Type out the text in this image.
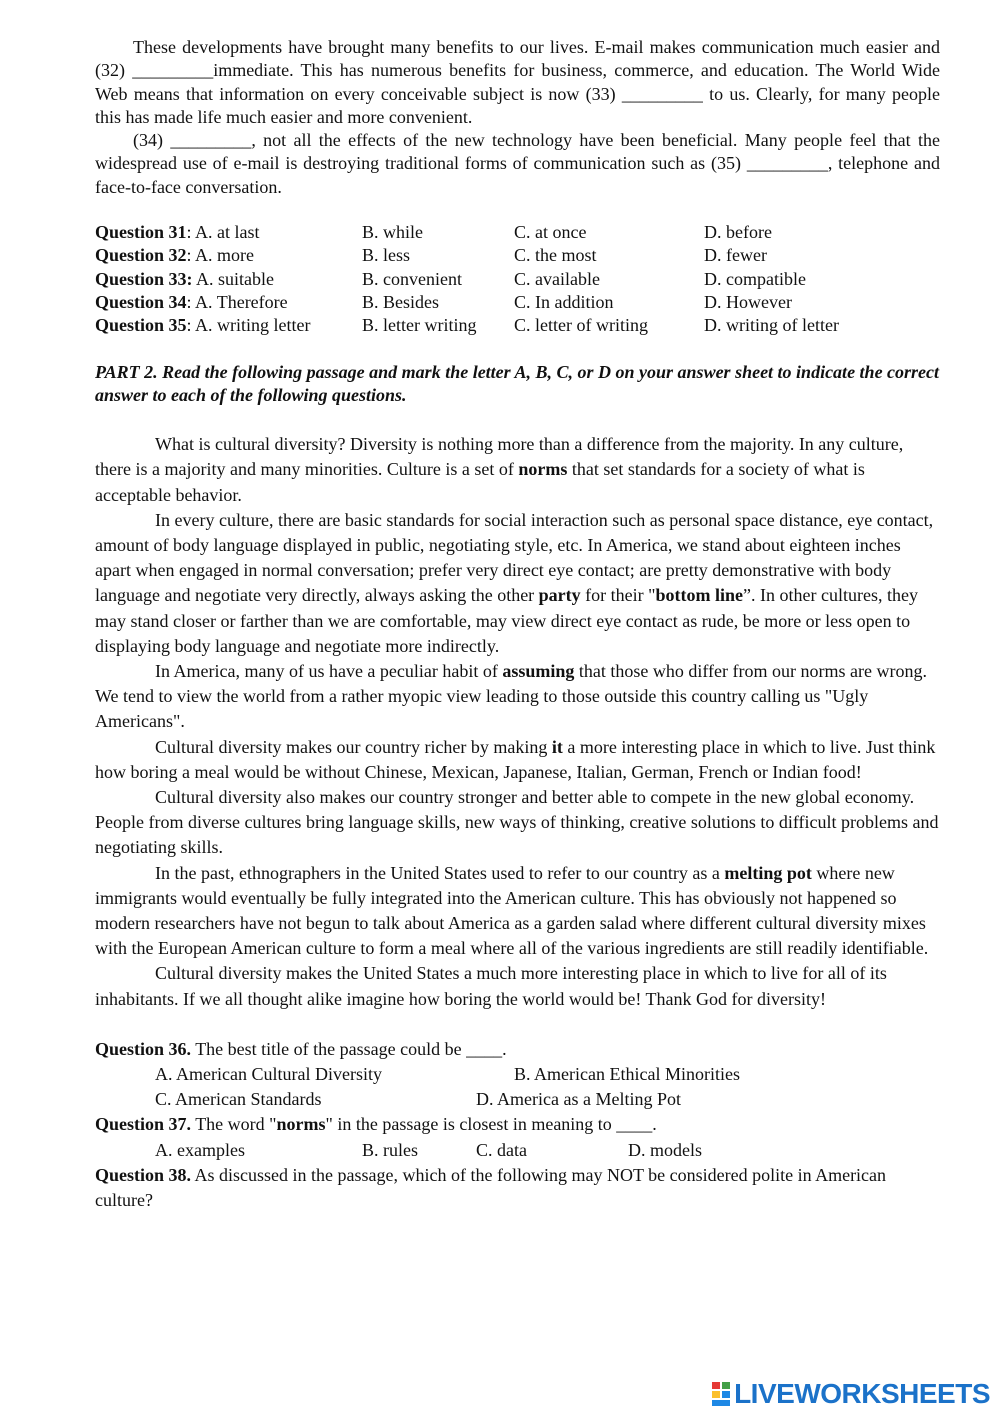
These developments have brought many benefits to our lives. E-mail makes communication much easier and (32) _________immediate. This has numerous benefits for business, commerce, and education. The World Wide Web means that information on every conceivable subject is now (33) _________ to us. Clearly, for many people this has made life much easier and more convenient.

(34) _________, not all the effects of the new technology have been beneficial. Many people feel that the widespread use of e-mail is destroying traditional forms of communication such as (35) _________, telephone and face-to-face conversation.

Question 31: A. at last	B. while	C. at once	D. before
Question 32: A. more	B. less	C. the most	D. fewer
Question 33: A. suitable	B. convenient	C. available	D. compatible
Question 34: A. Therefore	B. Besides	C. In addition	D. However
Question 35: A. writing letter	B. letter writing	C. letter of writing	D. writing of letter

PART 2. Read the following passage and mark the letter A, B, C, or D on your answer sheet to indicate the correct answer to each of the following questions.

What is cultural diversity? Diversity is nothing more than a difference from the majority. In any culture, there is a majority and many minorities. Culture is a set of norms that set standards for a society of what is acceptable behavior.

In every culture, there are basic standards for social interaction such as personal space distance, eye contact, amount of body language displayed in public, negotiating style, etc. In America, we stand about eighteen inches apart when engaged in normal conversation; prefer very direct eye contact; are pretty demonstrative with body language and negotiate very directly, always asking the other party for their "bottom line”. In other cultures, they may stand closer or farther than we are comfortable, may view direct eye contact as rude, be more or less open to displaying body language and negotiate more indirectly.

In America, many of us have a peculiar habit of assuming that those who differ from our norms are wrong. We tend to view the world from a rather myopic view leading to those outside this country calling us "Ugly Americans".

Cultural diversity makes our country richer by making it a more interesting place in which to live. Just think how boring a meal would be without Chinese, Mexican, Japanese, Italian, German, French or Indian food!

Cultural diversity also makes our country stronger and better able to compete in the new global economy. People from diverse cultures bring language skills, new ways of thinking, creative solutions to difficult problems and negotiating skills.

In the past, ethnographers in the United States used to refer to our country as a melting pot where new immigrants would eventually be fully integrated into the American culture. This has obviously not happened so modern researchers have not begun to talk about America as a garden salad where different cultural diversity mixes with the European American culture to form a meal where all of the various ingredients are still readily identifiable.

Cultural diversity makes the United States a much more interesting place in which to live for all of its inhabitants. If we all thought alike imagine how boring the world would be! Thank God for diversity!

Question 36. The best title of the passage could be ____.

A. American Cultural Diversity	B. American Ethical Minorities
C. American Standards	D. America as a Melting Pot

Question 37. The word "norms" in the passage is closest in meaning to ____.

A. examples	B. rules	C. data	D. models

Question 38. As discussed in the passage, which of the following may NOT be considered polite in American culture?

LIVEWORKSHEETS
